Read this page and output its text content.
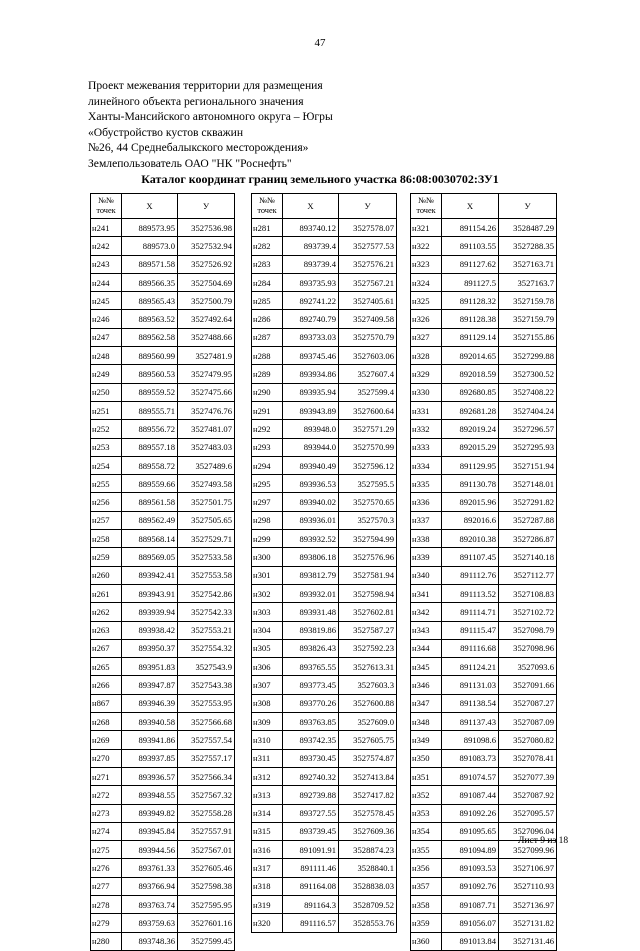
47
Проект межевания территории для размещения
линейного объекта регионального значения
Ханты-Мансийского автономного округа – Югры
«Обустройство кустов скважин
№26, 44 Среднебалыкского месторождения»
Землепользователь ОАО "НК "Роснефть"
Каталог координат границ земельного участка 86:08:0030702:ЗУ1
№№
точек	X	У
н241	889573.95	3527536.98
н242	889573.0	3527532.94
н243	889571.58	3527526.92
н244	889566.35	3527504.69
н245	889565.43	3527500.79
н246	889563.52	3527492.64
н247	889562.58	3527488.66
н248	889560.99	3527481.9
н249	889560.53	3527479.95
н250	889559.52	3527475.66
н251	889555.71	3527476.76
н252	889556.72	3527481.07
н253	889557.18	3527483.03
н254	889558.72	3527489.6
н255	889559.66	3527493.58
н256	889561.58	3527501.75
н257	889562.49	3527505.65
н258	889568.14	3527529.71
н259	889569.05	3527533.58
н260	893942.41	3527553.58
н261	893943.91	3527542.86
н262	893939.94	3527542.33
н263	893938.42	3527553.21
н267	893950.37	3527554.32
н265	893951.83	3527543.9
н266	893947.87	3527543.38
н867	893946.39	3527553.95
н268	893940.58	3527566.68
н269	893941.86	3527557.54
н270	893937.85	3527557.17
н271	893936.57	3527566.34
н272	893948.55	3527567.32
н273	893949.82	3527558.28
н274	893945.84	3527557.91
н275	893944.56	3527567.01
н276	893761.33	3527605.46
н277	893766.94	3527598.38
н278	893763.74	3527595.95
н279	893759.63	3527601.16
н280	893748.36	3527599.45
№№
точек	X	У
н281	893740.12	3527578.07
н282	893739.4	3527577.53
н283	893739.4	3527576.21
н284	893735.93	3527567.21
н285	892741.22	3527405.61
н286	892740.79	3527409.58
н287	893733.03	3527570.79
н288	893745.46	3527603.06
н289	893934.86	3527607.4
н290	893935.94	3527599.4
н291	893943.89	3527600.64
н292	893948.0	3527571.29
н293	893944.0	3527570.99
н294	893940.49	3527596.12
н295	893936.53	3527595.5
н297	893940.02	3527570.65
н298	893936.01	3527570.3
н299	893932.52	3527594.99
н300	893806.18	3527576.96
н301	893812.79	3527581.94
н302	893932.01	3527598.94
н303	893931.48	3527602.81
н304	893819.86	3527587.27
н305	893826.43	3527592.23
н306	893765.55	3527613.31
н307	893773.45	3527603.3
н308	893770.26	3527600.88
н309	893763.85	3527609.0
н310	893742.35	3527605.75
н311	893730.45	3527574.87
н312	892740.32	3527413.84
н313	892739.88	3527417.82
н314	893727.55	3527578.45
н315	893739.45	3527609.36
н316	891091.91	3528874.23
н317	891111.46	3528840.1
н318	891164.08	3528838.03
н319	891164.3	3528709.52
н320	891116.57	3528553.76
№№
точек	X	У
н321	891154.26	3528487.29
н322	891103.55	3527288.35
н323	891127.62	3527163.71
н324	891127.5	3527163.7
н325	891128.32	3527159.78
н326	891128.38	3527159.79
н327	891129.14	3527155.86
н328	892014.65	3527299.88
н329	892018.59	3527300.52
н330	892680.85	3527408.22
н331	892681.28	3527404.24
н332	892019.24	3527296.57
н333	892015.29	3527295.93
н334	891129.95	3527151.94
н335	891130.78	3527148.01
н336	892015.96	3527291.82
н337	892016.6	3527287.88
н338	892010.38	3527286.87
н339	891107.45	3527140.18
н340	891112.76	3527112.77
н341	891113.52	3527108.83
н342	891114.71	3527102.72
н343	891115.47	3527098.79
н344	891116.68	3527098.96
н345	891124.21	3527093.6
н346	891131.03	3527091.66
н347	891138.54	3527087.27
н348	891137.43	3527087.09
н349	891098.6	3527080.82
н350	891083.73	3527078.41
н351	891074.57	3527077.39
н352	891087.44	3527087.92
н353	891092.26	3527095.57
н354	891095.65	3527096.04
н355	891094.89	3527099.96
н356	891093.53	3527106.97
н357	891092.76	3527110.93
н358	891087.71	3527136.97
н359	891056.07	3527131.82
н360	891013.84	3527131.46
Лист 9 из 18
